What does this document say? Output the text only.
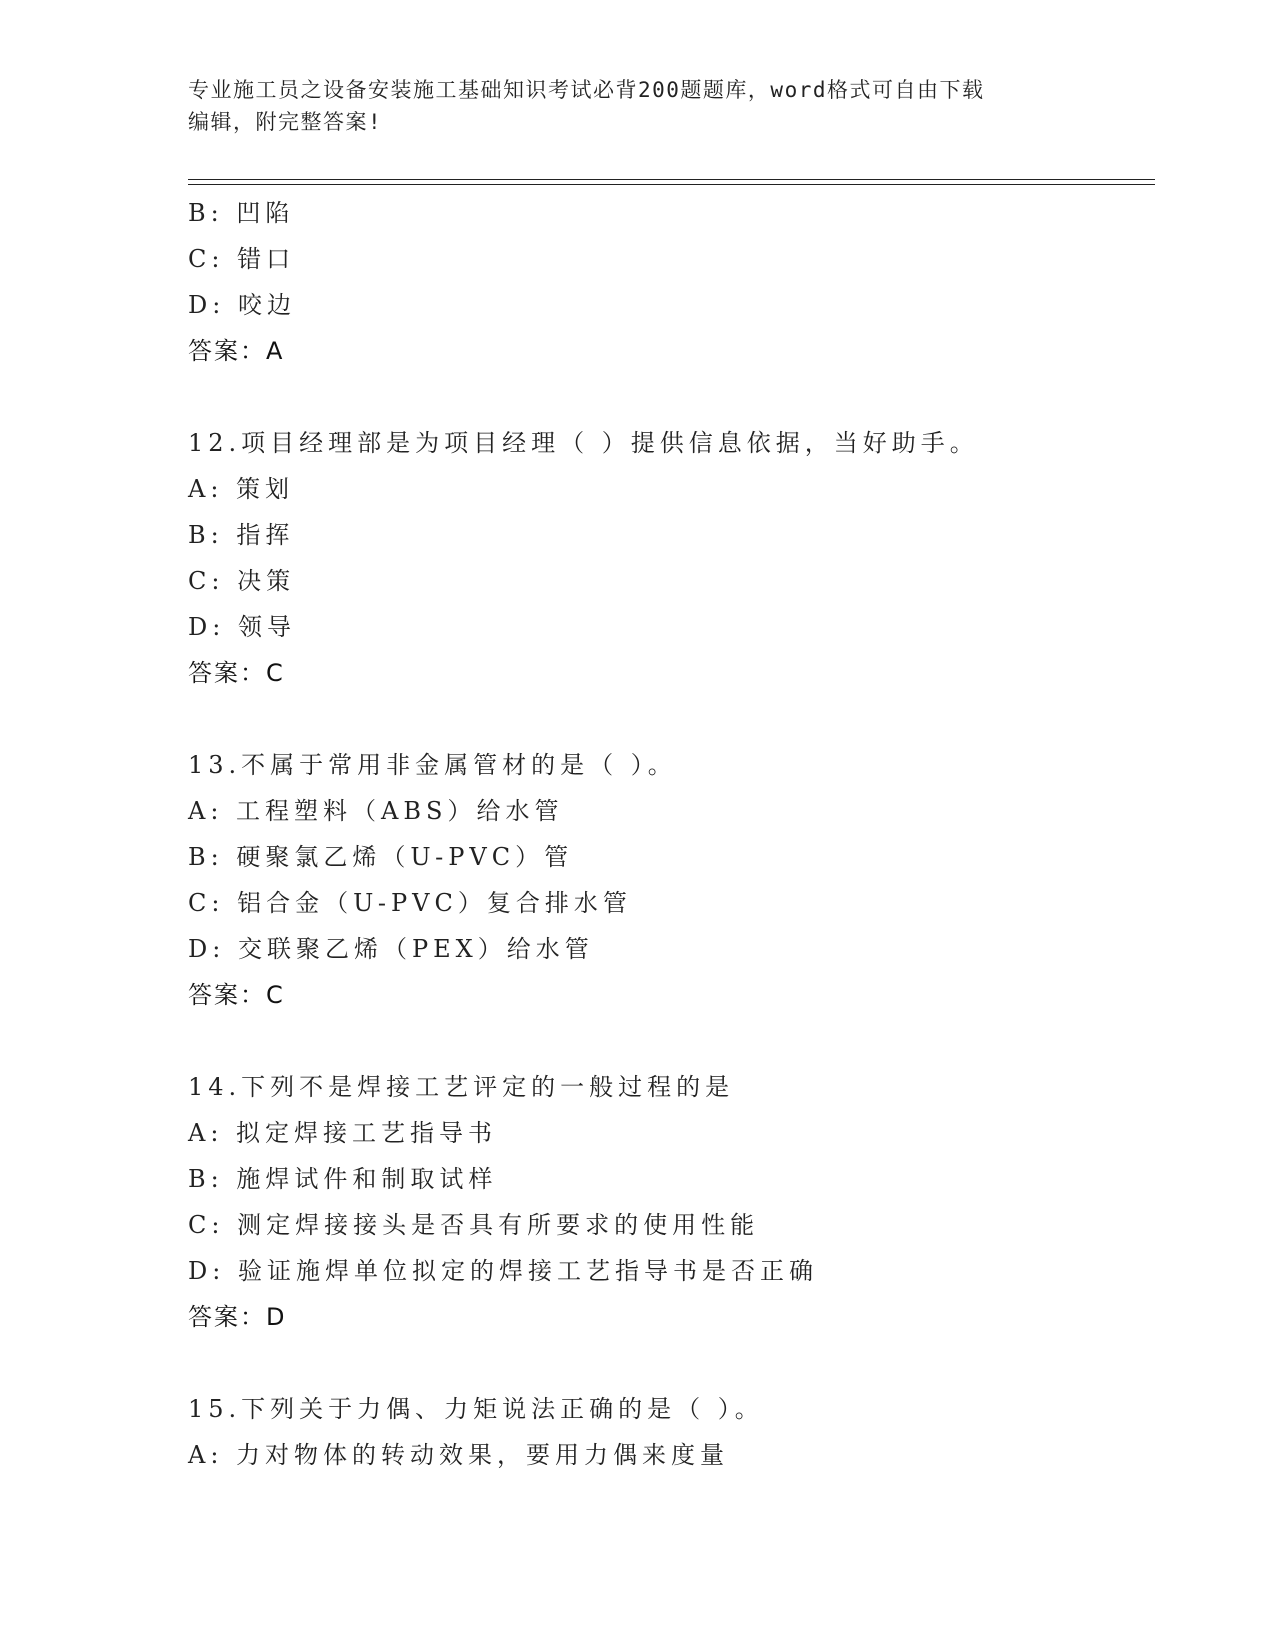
专业施工员之设备安装施工基础知识考试必背200题题库，word格式可自由下载
编辑，附完整答案!
B: 凹陷
C: 错口
D: 咬边
答案：A
12.项目经理部是为项目经理（ ）提供信息依据，当好助手。
A: 策划
B: 指挥
C: 决策
D: 领导
答案：C
13.不属于常用非金属管材的是（ ）。
A: 工程塑料（ABS）给水管
B: 硬聚氯乙烯（U-PVC）管
C: 铝合金（U-PVC）复合排水管
D: 交联聚乙烯（PEX）给水管
答案：C
14.下列不是焊接工艺评定的一般过程的是
A: 拟定焊接工艺指导书
B: 施焊试件和制取试样
C: 测定焊接接头是否具有所要求的使用性能
D: 验证施焊单位拟定的焊接工艺指导书是否正确
答案：D
15.下列关于力偶、力矩说法正确的是（ ）。
A: 力对物体的转动效果，要用力偶来度量
